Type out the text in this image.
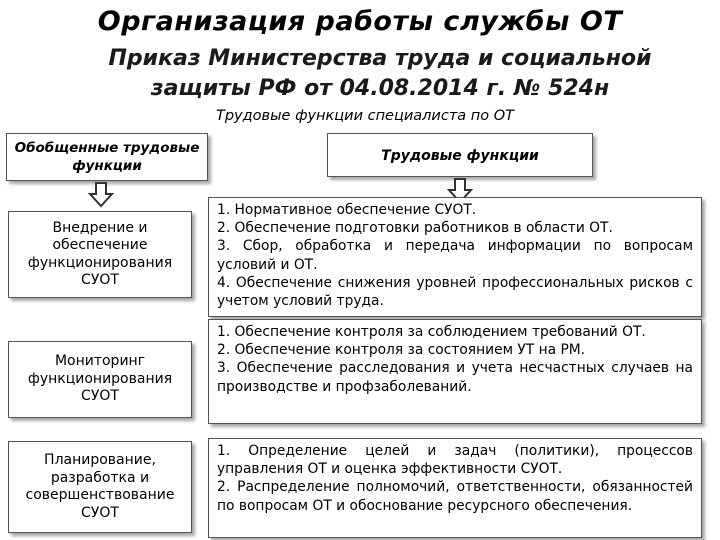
Организация работы службы ОТ
Приказ Министерства труда и социальной защиты РФ от 04.08.2014 г. № 524н
Трудовые функции специалиста по ОТ
Обобщенные трудовые функции
Трудовые функции
Внедрение и обеспечение функционирования СУОТ
1. Нормативное обеспечение СУОТ.
2. Обеспечение подготовки работников в области ОТ.
3. Сбор, обработка и передача информации по вопросам условий и ОТ.
4. Обеспечение снижения уровней профессиональных рисков с учетом условий труда.
Мониторинг функционирования СУОТ
1. Обеспечение контроля за соблюдением требований ОТ.
2. Обеспечение контроля за состоянием УТ на РМ.
3. Обеспечение расследования и учета несчастных случаев на производстве и профзаболеваний.
Планирование, разработка и совершенствование СУОТ
1. Определение целей и задач (политики), процессов управления ОТ и оценка эффективности СУОТ.
2. Распределение полномочий, ответственности, обязанностей по вопросам ОТ и обоснование ресурсного обеспечения.
